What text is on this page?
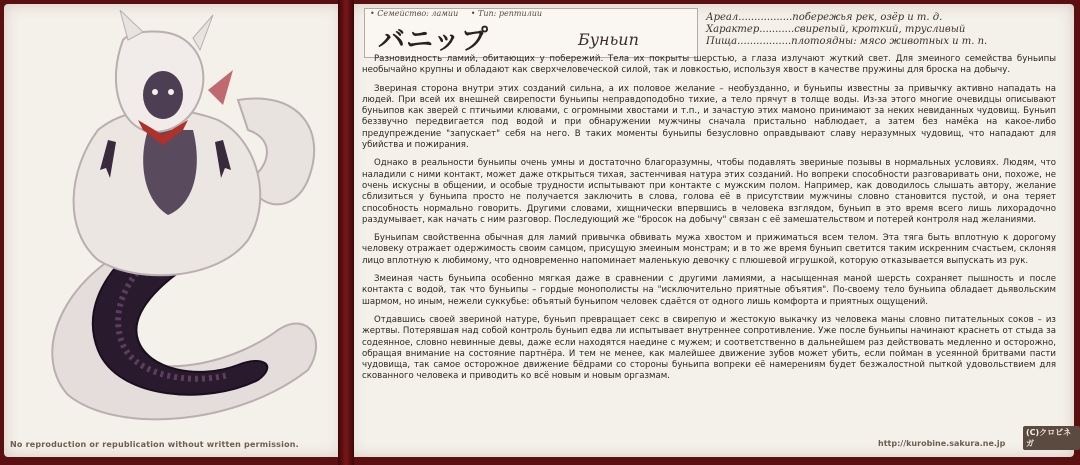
• Семейство: ламии • Тип: рептилии
バニップ	Буньип
Ареал.................побережья рек, озёр и т. д.
Характер...........свирепый, кроткий, трусливый
Пища.................плотоядны: мясо животных и т. п.

Разновидность ламий, обитающих у побережий. Тела их покрыты шерстью, а глаза излучают жуткий свет. Для змеиного семейства буньипы необычайно крупны и обладают как сверхчеловеческой силой, так и ловкостью, используя хвост в качестве пружины для броска на добычу.

Звериная сторона внутри этих созданий сильна, а их половое желание – необузданно, и буньипы известны за привычку активно нападать на людей. При всей их внешней свирепости буньипы неправдоподобно тихие, а тело прячут в толще воды. Из-за этого многие очевидцы описывают буньипов как зверей с птичьими клювами, с огромными хвостами и т.п., и зачастую этих мамоно принимают за неких невиданных чудовищ. Буньип беззвучно передвигается под водой и при обнаружении мужчины сначала пристально наблюдает, а затем без намёка на какое-либо предупреждение "запускает" себя на него. В таких моменты буньипы безусловно оправдывают славу неразумных чудовищ, что нападают для убийства и пожирания.

Однако в реальности буньипы очень умны и достаточно благоразумны, чтобы подавлять звериные позывы в нормальных условиях. Людям, что наладили с ними контакт, может даже открыться тихая, застенчивая натура этих созданий. Но вопреки способности разговаривать они, похоже, не очень искусны в общении, и особые трудности испытывают при контакте с мужским полом. Например, как доводилось слышать автору, желание сблизиться у буньипа просто не получается заключить в слова, голова её в присутствии мужчины словно становится пустой, и она теряет способность нормально говорить. Другими словами, хищнически впервшись в человека взглядом, буньип в это время всего лишь лихорадочно раздумывает, как начать с ним разговор. Последующий же "бросок на добычу" связан с её замешательством и потерей контроля над желаниями.

Буньипам свойственна обычная для ламий привычка обвивать мужа хвостом и прижиматься всем телом. Эта тяга быть вплотную к дорогому человеку отражает одержимость своим самцом, присущую змеиным монстрам; и в то же время буньип светится таким искренним счастьем, склоняя лицо вплотную к любимому, что одновременно напоминает маленькую девочку с плюшевой игрушкой, которую отказывается выпускать из рук.

Змеиная часть буньипа особенно мягкая даже в сравнении с другими ламиями, а насыщенная маной шерсть сохраняет пышность и после контакта с водой, так что буньипы – гордые монополисты на "исключительно приятные объятия". По-своему тело буньипа обладает дьявольским шармом, но иным, нежели суккубье: объятый буньипом человек сдаётся от одного лишь комфорта и приятных ощущений.

Отдавшись своей звериной натуре, буньип превращает секс в свирепую и жестокую выкачку из человека маны словно питательных соков – из жертвы. Потерявшая над собой контроль буньип едва ли испытывает внутреннее сопротивление. Уже после буньипы начинают краснеть от стыда за содеянное, словно невинные девы, даже если находятся наедине с мужем; и соответственно в дальнейшем раз действовать медленно и осторожно, обращая внимание на состояние партнёра. И тем не менее, как малейшее движение зубов может убить, если пойман в усеянной бритвами пасти чудовища, так самое осторожное движение бёдрами со стороны буньипа вопреки её намерениям будет безжалостной пыткой удовольствием для скованного человека и приводить ко всё новым и новым оргазмам.

No reproduction or republication without written permission.	http://kurobine.sakura.ne.jp
(C)クロビネガ
